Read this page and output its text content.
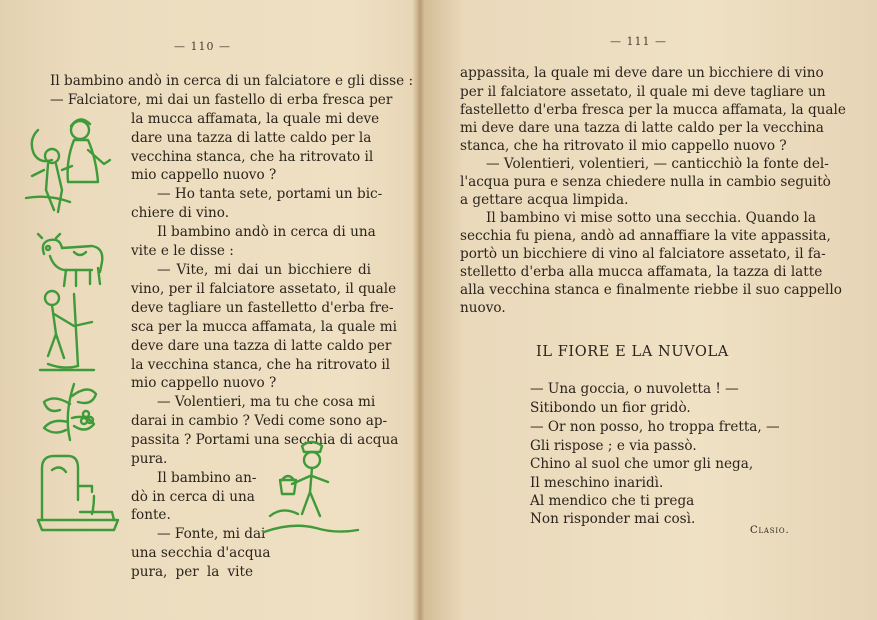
— 110 —
Il bambino andò in cerca di un falciatore e gli disse :
— Falciatore, mi dai un fastello di erba fresca per
la mucca affamata, la quale mi deve
dare una tazza di latte caldo per la
vecchina stanca, che ha ritrovato il
mio cappello nuovo ?
— Ho tanta sete, portami un bic-
chiere di vino.
Il bambino andò in cerca di una
vite e le disse :
— Vite, mi dai un bicchiere di
vino, per il falciatore assetato, il quale
deve tagliare un fastelletto d'erba fre-
sca per la mucca affamata, la quale mi
deve dare una tazza di latte caldo per
la vecchina stanca, che ha ritrovato il
mio cappello nuovo ?
— Volentieri, ma tu che cosa mi
darai in cambio ? Vedi come sono ap-
passita ? Portami una secchia di acqua
pura.
Il bambino an-
dò in cerca di una
fonte.
— Fonte, mi dai
una secchia d'acqua
pura, per la vite
— 111 —
appassita, la quale mi deve dare un bicchiere di vino
per il falciatore assetato, il quale mi deve tagliare un
fastelletto d'erba fresca per la mucca affamata, la quale
mi deve dare una tazza di latte caldo per la vecchina
stanca, che ha ritrovato il mio cappello nuovo ?
— Volentieri, volentieri, — canticchiò la fonte del-
l'acqua pura e senza chiedere nulla in cambio seguitò
a gettare acqua limpida.
Il bambino vi mise sotto una secchia. Quando la
secchia fu piena, andò ad annaffiare la vite appassita,
portò un bicchiere di vino al falciatore assetato, il fa-
stelletto d'erba alla mucca affamata, la tazza di latte
alla vecchina stanca e finalmente riebbe il suo cappello
nuovo.
IL FIORE E LA NUVOLA
— Una goccia, o nuvoletta ! —
Sitibondo un fior gridò.
— Or non posso, ho troppa fretta, —
Gli rispose ; e via passò.
Chino al suol che umor gli nega,
Il meschino inaridì.
Al mendico che ti prega
Non risponder mai così.
Clasio.
